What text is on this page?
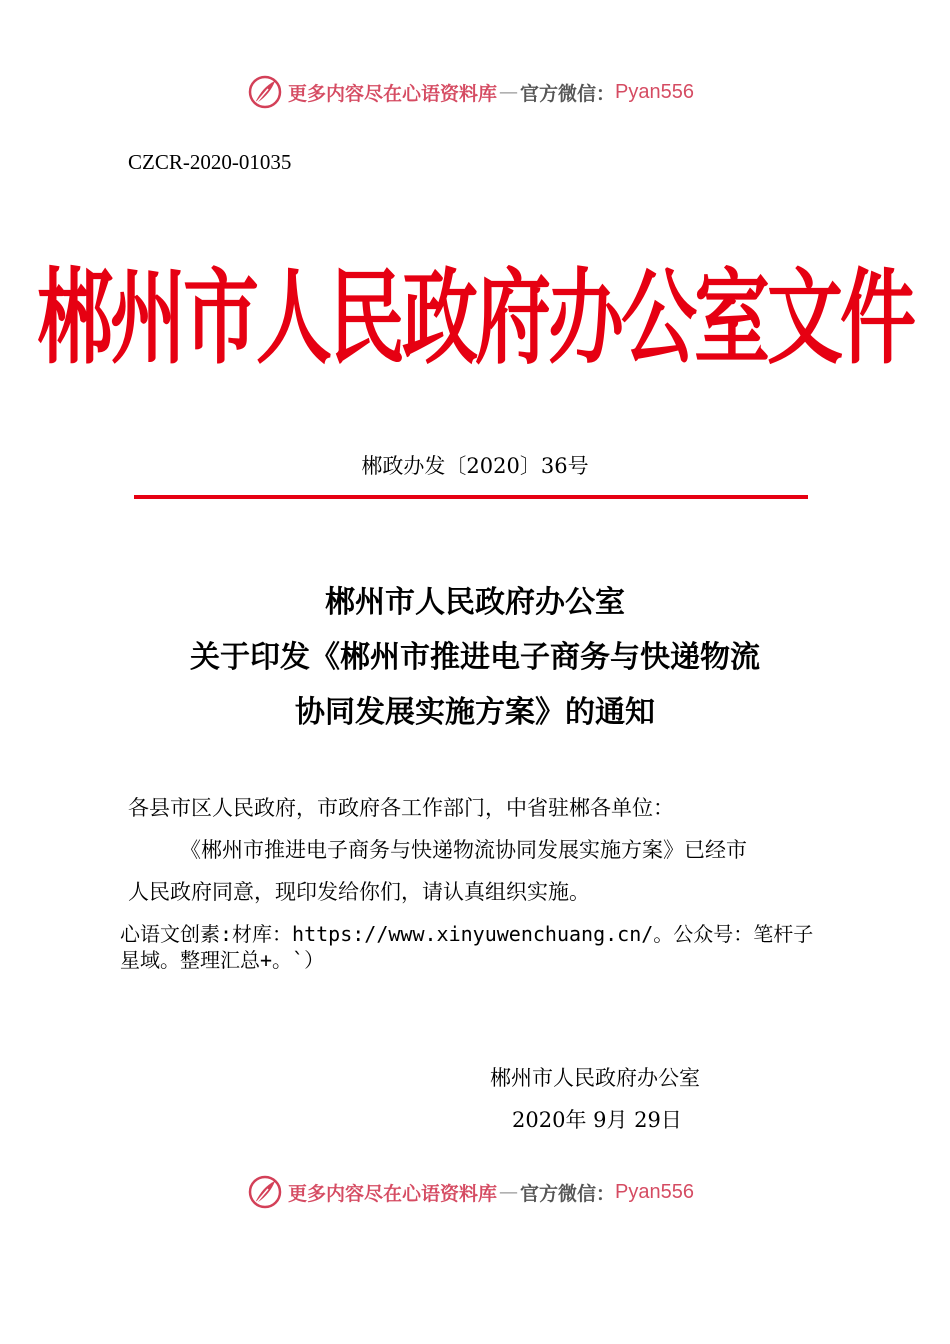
更多内容尽在心语资料库 — 官方微信： Pyan556
CZCR-2020-01035
郴州市人民政府办公室文件
郴政办发〔2020〕36号
郴州市人民政府办公室
关于印发《郴州市推进电子商务与快递物流
协同发展实施方案》的通知
各县市区人民政府，市政府各工作部门，中省驻郴各单位：
《郴州市推进电子商务与快递物流协同发展实施方案》已经市
人民政府同意，现印发给你们，请认真组织实施。
心语文创素:材库：https://www.xinyuwenchuang.cn/。公众号：笔杆子
星域。整理汇总+。`）
郴州市人民政府办公室
2020年 9月 29日
更多内容尽在心语资料库 — 官方微信： Pyan556
